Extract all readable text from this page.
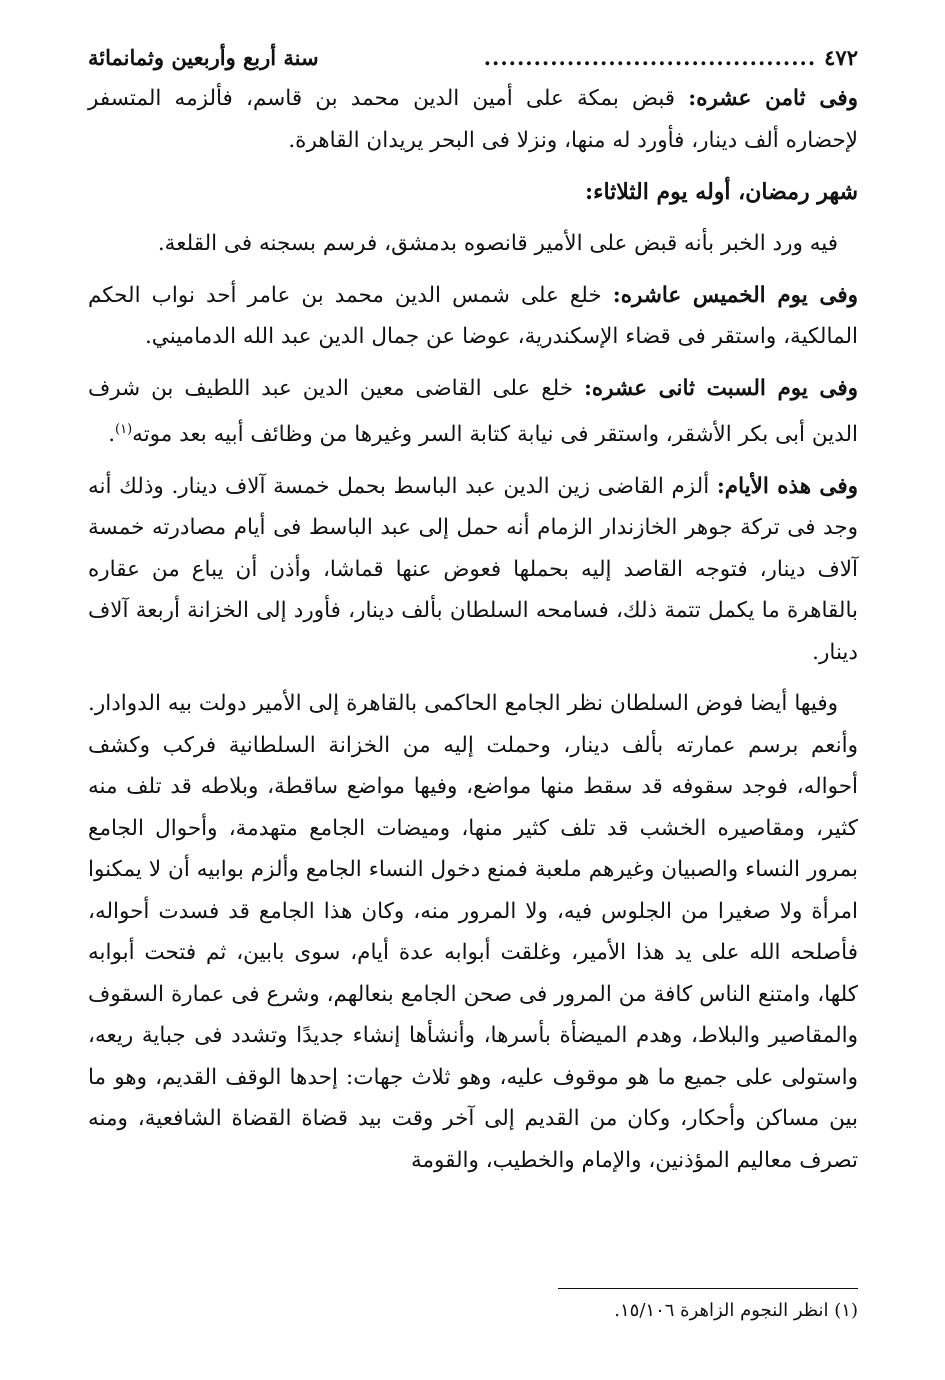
٤٧٢
........................................
سنة أربع وأربعين وثمانمائة

وفى ثامن عشره: قبض بمكة على أمين الدين محمد بن قاسم، فألزمه المتسفر لإحضاره ألف دينار، فأورد له منها، ونزلا فى البحر يريدان القاهرة.

شهر رمضان، أوله يوم الثلاثاء:

فيه ورد الخبر بأنه قبض على الأمير قانصوه بدمشق، فرسم بسجنه فى القلعة.

وفى يوم الخميس عاشره: خلع على شمس الدين محمد بن عامر أحد نواب الحكم المالكية، واستقر فى قضاء الإسكندرية، عوضا عن جمال الدين عبد الله الدماميني.

وفى يوم السبت ثانى عشره: خلع على القاضى معين الدين عبد اللطيف بن شرف الدين أبى بكر الأشقر، واستقر فى نيابة كتابة السر وغيرها من وظائف أبيه بعد موته$^{(١)}$.

وفى هذه الأيام: ألزم القاضى زين الدين عبد الباسط بحمل خمسة آلاف دينار. وذلك أنه وجد فى تركة جوهر الخازندار الزمام أنه حمل إلى عبد الباسط فى أيام مصادرته خمسة آلاف دينار، فتوجه القاصد إليه بحملها فعوض عنها قماشا، وأذن أن يباع من عقاره بالقاهرة ما يكمل تتمة ذلك، فسامحه السلطان بألف دينار، فأورد إلى الخزانة أربعة آلاف دينار.

وفيها أيضا فوض السلطان نظر الجامع الحاكمى بالقاهرة إلى الأمير دولت بيه الدوادار. وأنعم برسم عمارته بألف دينار، وحملت إليه من الخزانة السلطانية فركب وكشف أحواله، فوجد سقوفه قد سقط منها مواضع، وفيها مواضع ساقطة، وبلاطه قد تلف منه كثير، ومقاصيره الخشب قد تلف كثير منها، وميضات الجامع متهدمة، وأحوال الجامع بمرور النساء والصبيان وغيرهم ملعبة فمنع دخول النساء الجامع وألزم بوابيه أن لا يمكنوا امرأة ولا صغيرا من الجلوس فيه، ولا المرور منه، وكان هذا الجامع قد فسدت أحواله، فأصلحه الله على يد هذا الأمير، وغلقت أبوابه عدة أيام، سوى بابين، ثم فتحت أبوابه كلها، وامتنع الناس كافة من المرور فى صحن الجامع بنعالهم، وشرع فى عمارة السقوف والمقاصير والبلاط، وهدم الميضأة بأسرها، وأنشأها إنشاء جديدًا وتشدد فى جباية ريعه، واستولى على جميع ما هو موقوف عليه، وهو ثلاث جهات: إحدها الوقف القديم، وهو ما بين مساكن وأحكار، وكان من القديم إلى آخر وقت بيد قضاة القضاة الشافعية، ومنه تصرف معاليم المؤذنين، والإمام والخطيب، والقومة

(١) انظر النجوم الزاهرة ١٥/١٠٦.
